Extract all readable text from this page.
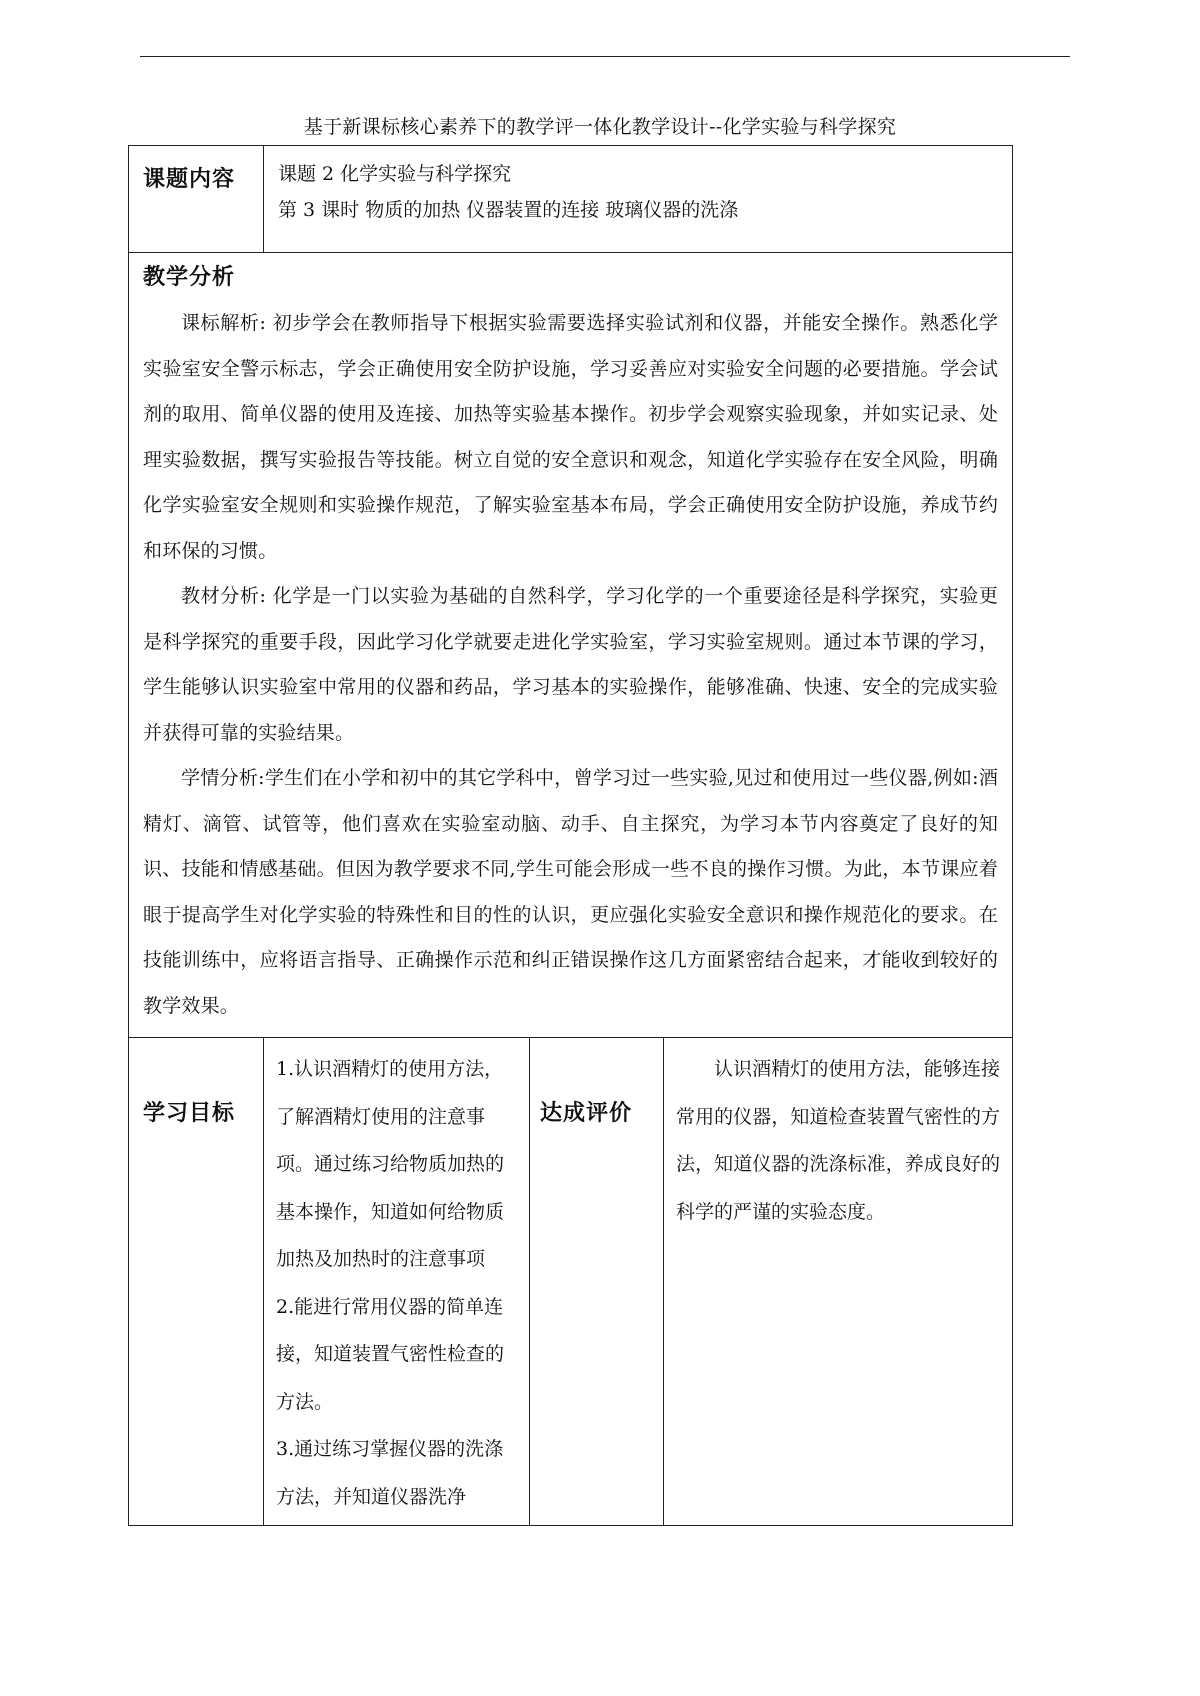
基于新课标核心素养下的教学评一体化教学设计--化学实验与科学探究
课题内容	课题 2 化学实验与科学探究
第 3 课时 物质的加热 仪器装置的连接 玻璃仪器的洗涤		

教学分析

课标解析: 初步学会在教师指导下根据实验需要选择实验试剂和仪器，并能安全操作。熟悉化学实验室安全警示标志，学会正确使用安全防护设施，学习妥善应对实验安全问题的必要措施。学会试剂的取用、简单仪器的使用及连接、加热等实验基本操作。初步学会观察实验现象，并如实记录、处理实验数据，撰写实验报告等技能。树立自觉的安全意识和观念，知道化学实验存在安全风险，明确化学实验室安全规则和实验操作规范，了解实验室基本布局，学会正确使用安全防护设施，养成节约和环保的习惯。

教材分析: 化学是一门以实验为基础的自然科学，学习化学的一个重要途径是科学探究，实验更是科学探究的重要手段，因此学习化学就要走进化学实验室，学习实验室规则。通过本节课的学习，学生能够认识实验室中常用的仪器和药品，学习基本的实验操作，能够准确、快速、安全的完成实验并获得可靠的实验结果。

学情分析:学生们在小学和初中的其它学科中，曾学习过一些实验,见过和使用过一些仪器,例如:酒精灯、滴管、试管等，他们喜欢在实验室动脑、动手、自主探究，为学习本节内容奠定了良好的知识、技能和情感基础。但因为教学要求不同,学生可能会形成一些不良的操作习惯。为此，本节课应着眼于提高学生对化学实验的特殊性和目的性的认识，更应强化实验安全意识和操作规范化的要求。在技能训练中，应将语言指导、正确操作示范和纠正错误操作这几方面紧密结合起来，才能收到较好的教学效果。			

学习目标	1.认识酒精灯的使用方法，了解酒精灯使用的注意事项。通过练习给物质加热的基本操作，知道如何给物质加热及加热时的注意事项

2.能进行常用仪器的简单连接，知道装置气密性检查的方法。

3.通过练习掌握仪器的洗涤方法，并知道仪器洗净	达成评价	认识酒精灯的使用方法，能够连接常用的仪器，知道检查装置气密性的方法，知道仪器的洗涤标准，养成良好的科学的严谨的实验态度。
